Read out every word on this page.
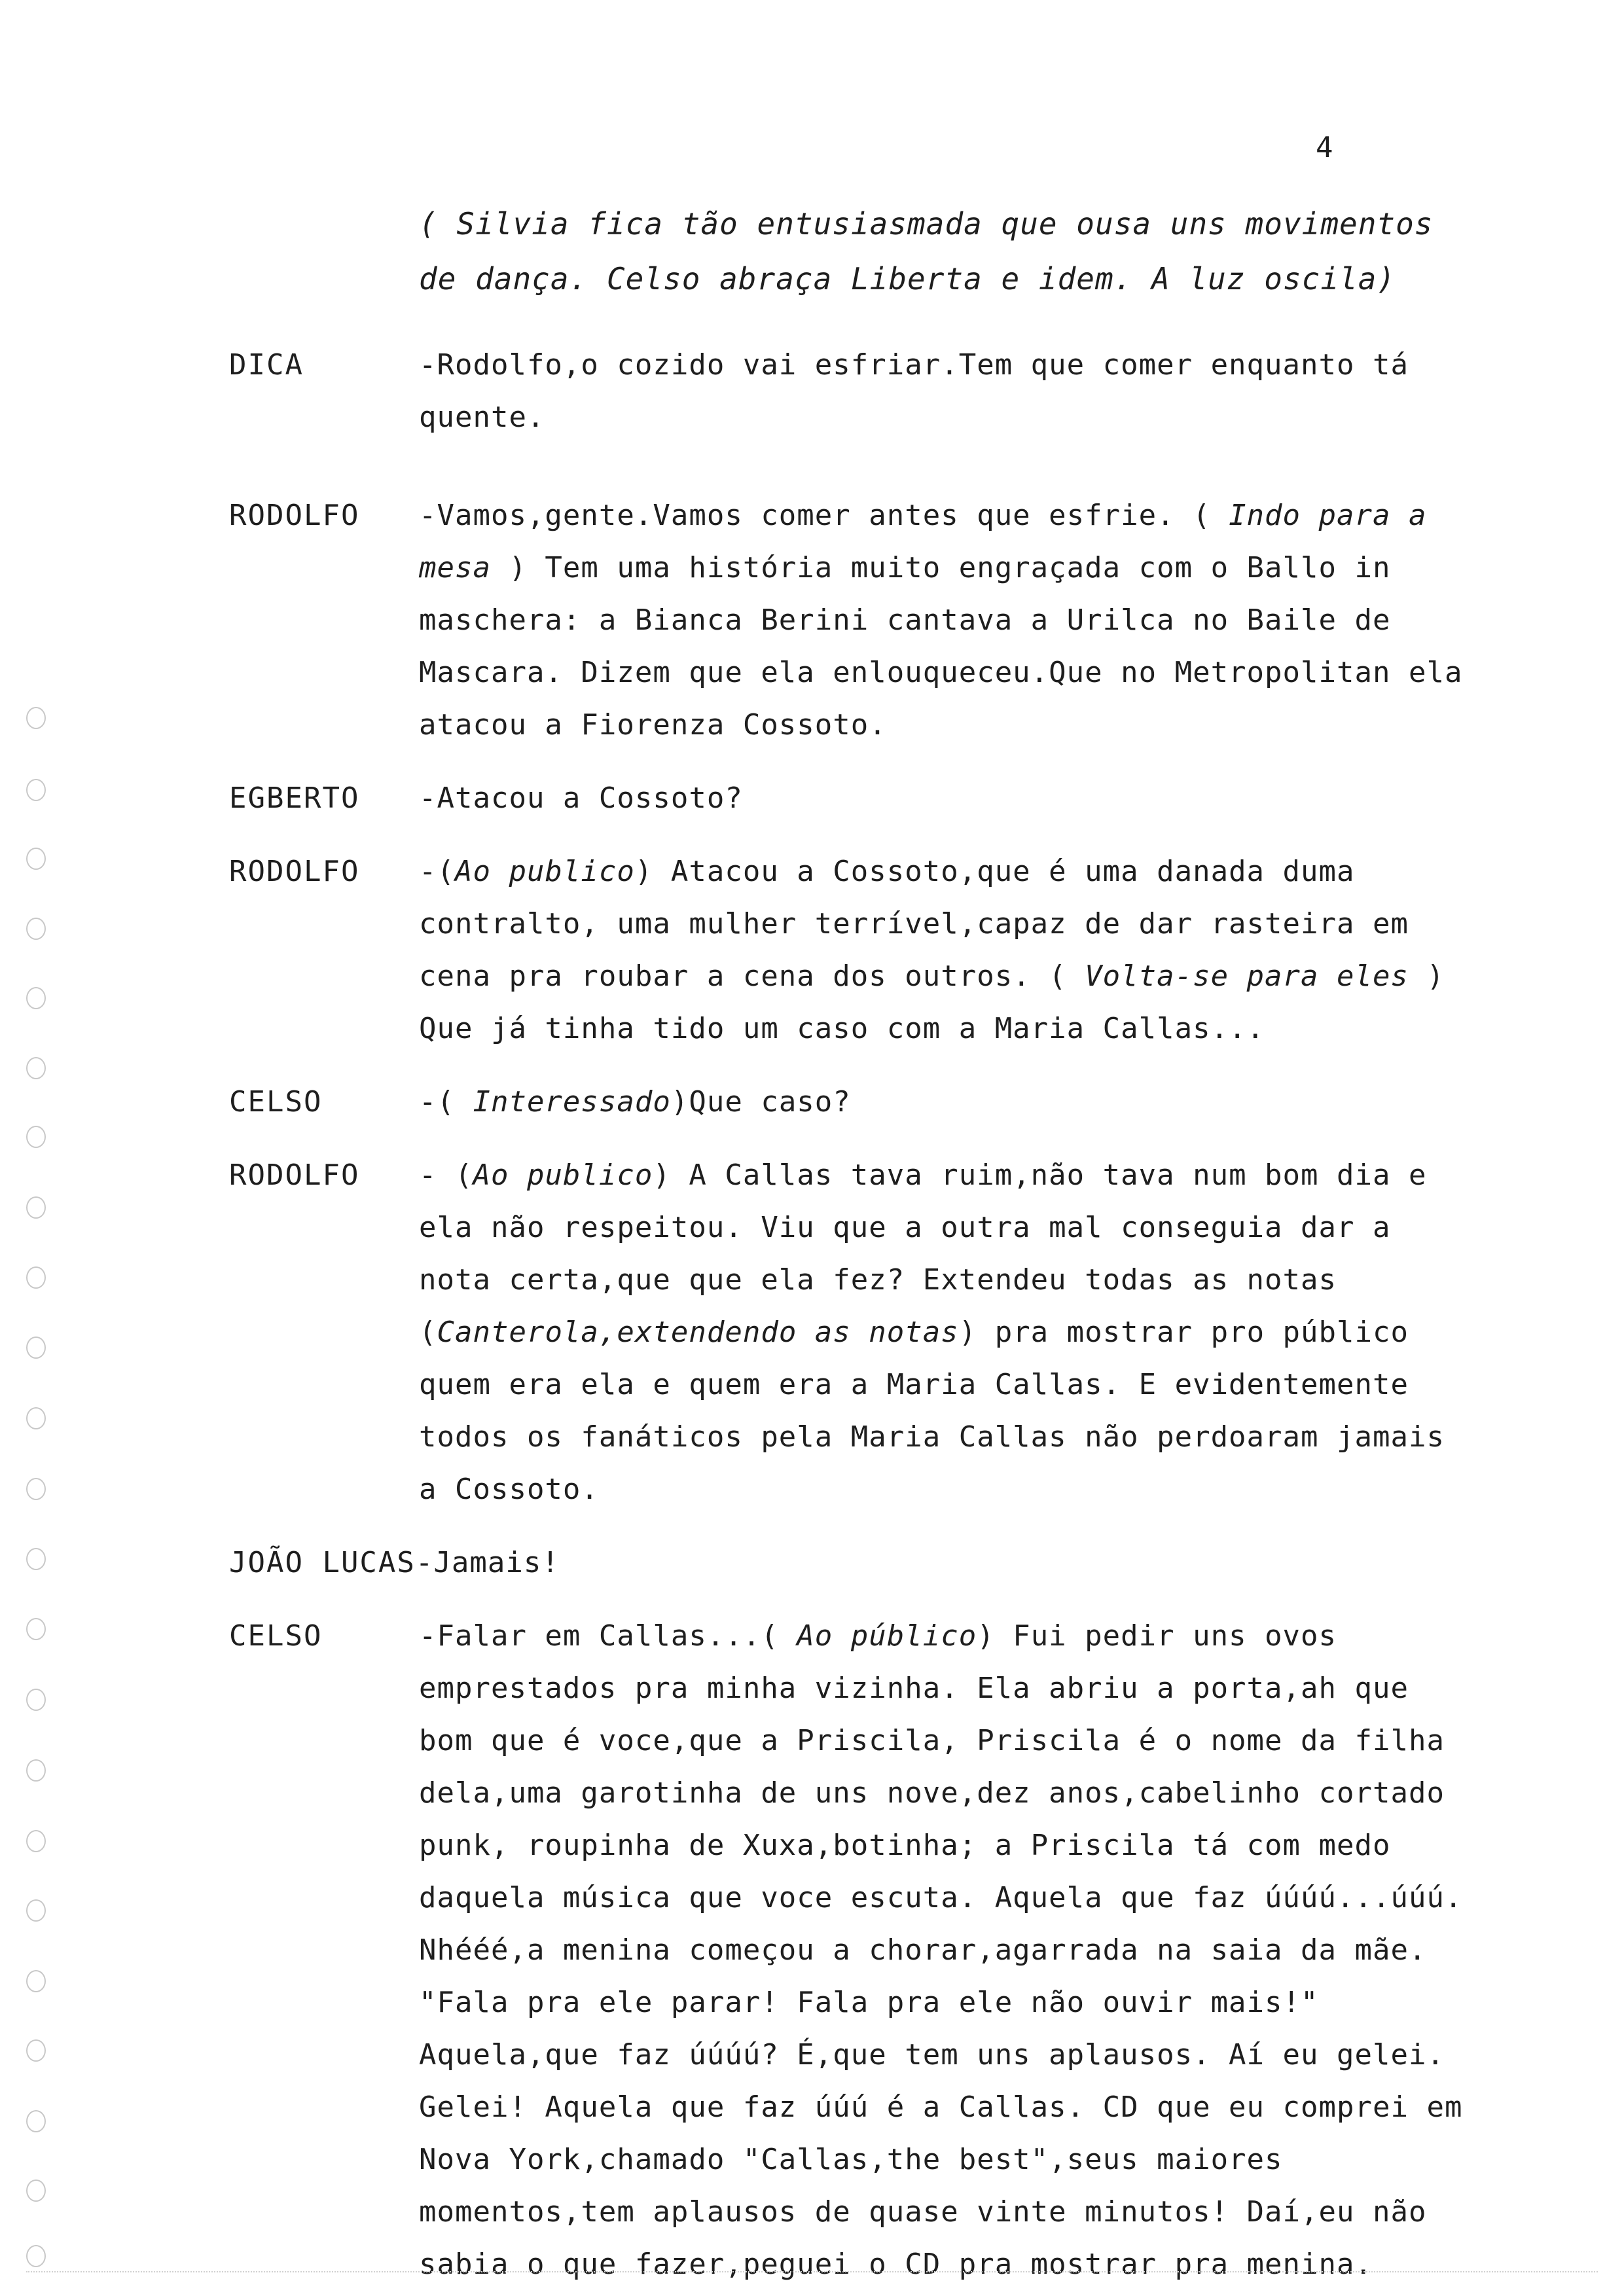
4
( Silvia fica tão entusiasmada que ousa uns movimentos de dança. Celso abraça Liberta e idem. A luz oscila)
DICA	-Rodolfo,o cozido vai esfriar.Tem que comer enquanto tá quente.
RODOLFO	-Vamos,gente.Vamos comer antes que esfrie. ( Indo para a mesa ) Tem uma história muito engraçada com o Ballo in maschera: a Bianca Berini cantava a Urilca no Baile de Mascara. Dizem que ela enlouqueceu.Que no Metropolitan ela atacou a Fiorenza Cossoto.
EGBERTO	-Atacou a Cossoto?
RODOLFO	-(Ao publico) Atacou a Cossoto,que é uma danada duma contralto, uma mulher terrível,capaz de dar rasteira em cena pra roubar a cena dos outros. ( Volta-se para eles ) Que já tinha tido um caso com a Maria Callas...
CELSO	-( Interessado)Que caso?
RODOLFO	- (Ao publico) A Callas tava ruim,não tava num bom dia e ela não respeitou. Viu que a outra mal conseguia dar a nota certa,que que ela fez? Extendeu todas as notas (Canterola,extendendo as notas) pra mostrar pro público quem era ela e quem era a Maria Callas. E evidentemente todos os fanáticos pela Maria Callas não perdoaram jamais a Cossoto.
JOÃO LUCAS-Jamais!
CELSO	-Falar em Callas...( Ao público) Fui pedir uns ovos emprestados pra minha vizinha. Ela abriu a porta,ah que bom que é voce,que a Priscila, Priscila é o nome da filha dela,uma garotinha de uns nove,dez anos,cabelinho cortado punk, roupinha de Xuxa,botinha; a Priscila tá com medo daquela música que voce escuta. Aquela que faz úúúú...úúú. Nhééé,a menina começou a chorar,agarrada na saia da mãe. "Fala pra ele parar! Fala pra ele não ouvir mais!" Aquela,que faz úúúú? É,que tem uns aplausos. Aí eu gelei. Gelei! Aquela que faz úúú é a Callas. CD que eu comprei em Nova York,chamado "Callas,the best",seus maiores momentos,tem aplausos de quase vinte minutos! Daí,eu não sabia o que fazer,peguei o CD pra mostrar pra menina.
